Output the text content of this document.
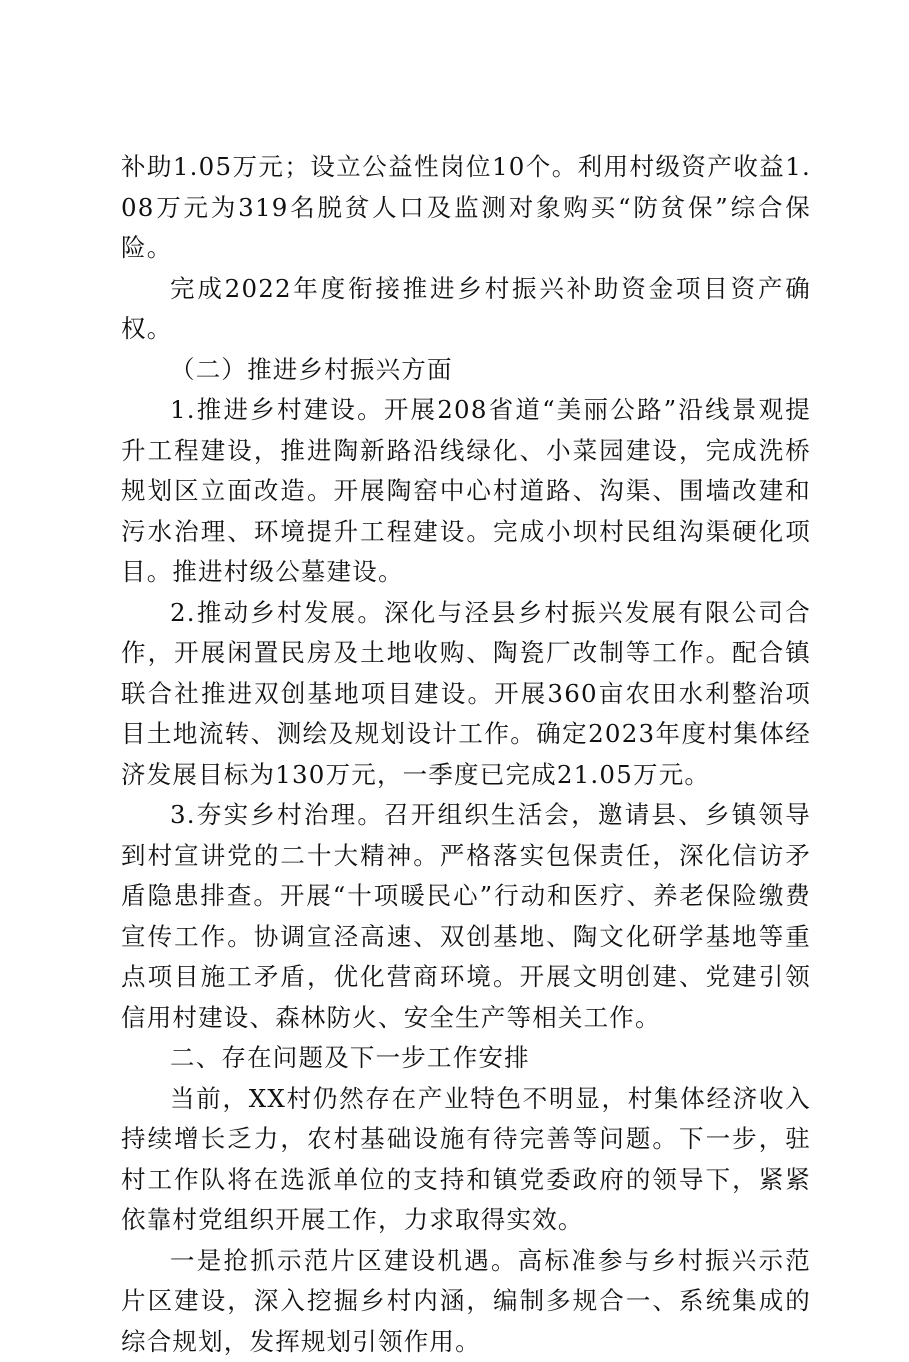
补助1.05万元；设立公益性岗位10个。利用村级资产收益1.08万元为319名脱贫人口及监测对象购买“防贫保”综合保险。

完成2022年度衔接推进乡村振兴补助资金项目资产确权。

（二）推进乡村振兴方面

1.推进乡村建设。开展208省道“美丽公路”沿线景观提升工程建设，推进陶新路沿线绿化、小菜园建设，完成洗桥规划区立面改造。开展陶窑中心村道路、沟渠、围墙改建和污水治理、环境提升工程建设。完成小坝村民组沟渠硬化项目。推进村级公墓建设。

2.推动乡村发展。深化与泾县乡村振兴发展有限公司合作，开展闲置民房及土地收购、陶瓷厂改制等工作。配合镇联合社推进双创基地项目建设。开展360亩农田水利整治项目土地流转、测绘及规划设计工作。确定2023年度村集体经济发展目标为130万元，一季度已完成21.05万元。

3.夯实乡村治理。召开组织生活会，邀请县、乡镇领导到村宣讲党的二十大精神。严格落实包保责任，深化信访矛盾隐患排查。开展“十项暖民心”行动和医疗、养老保险缴费宣传工作。协调宣泾高速、双创基地、陶文化研学基地等重点项目施工矛盾，优化营商环境。开展文明创建、党建引领信用村建设、森林防火、安全生产等相关工作。

二、存在问题及下一步工作安排

当前，XX村仍然存在产业特色不明显，村集体经济收入持续增长乏力，农村基础设施有待完善等问题。下一步，驻村工作队将在选派单位的支持和镇党委政府的领导下，紧紧依靠村党组织开展工作，力求取得实效。

一是抢抓示范片区建设机遇。高标准参与乡村振兴示范片区建设，深入挖掘乡村内涵，编制多规合一、系统集成的综合规划，发挥规划引领作用。
